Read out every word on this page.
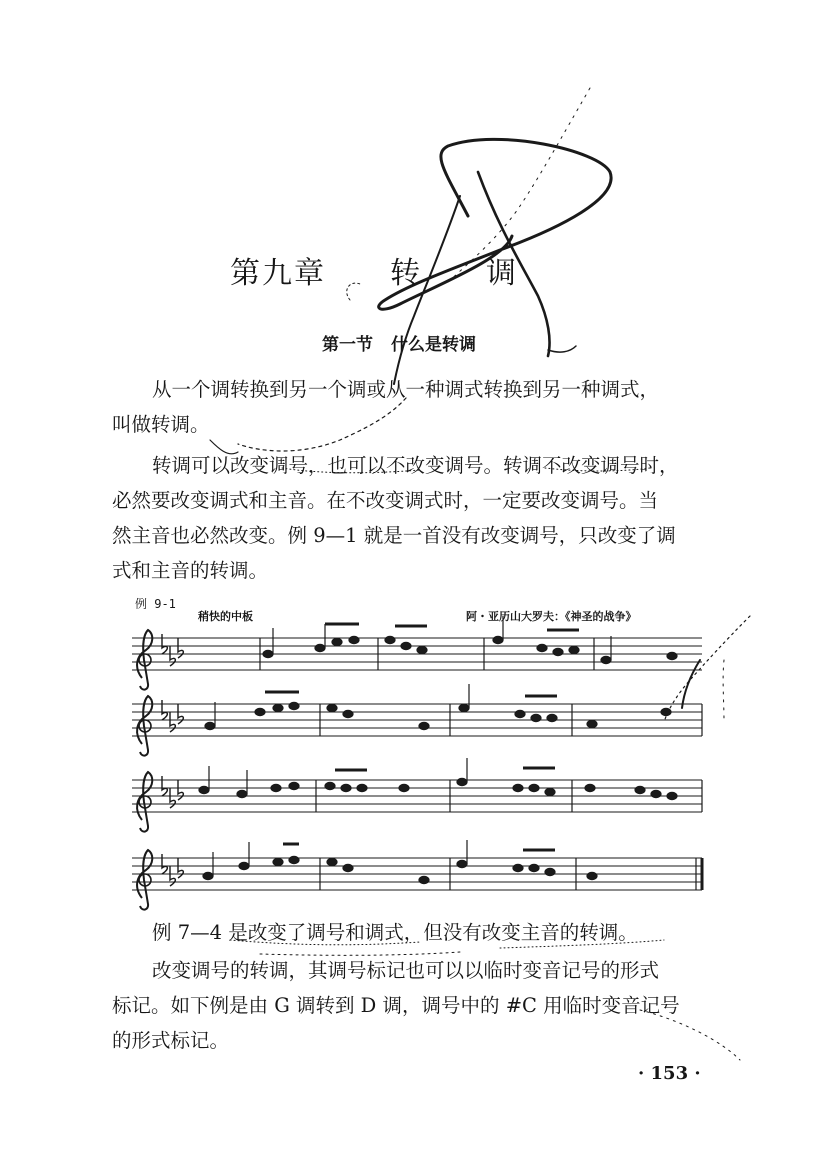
第九章 转 调
第一节 什么是转调

从一个调转换到另一个调或从一种调式转换到另一种调式，
叫做转调。

转调可以改变调号，也可以不改变调号。转调不改变调号时，
必然要改变调式和主音。在不改变调式时，一定要改变调号。当
然主音也必然改变。例 9—1 就是一首没有改变调号，只改变了调
式和主音的转调。

例 9-1
稍快的中板	阿・亚历山大罗夫：《神圣的战争》

例 7—4 是改变了调号和调式，但没有改变主音的转调。

改变调号的转调，其调号标记也可以以临时变音记号的形式
标记。如下例是由 G 调转到 D 调，调号中的 #C 用临时变音记号
的形式标记。

· 153 ·
